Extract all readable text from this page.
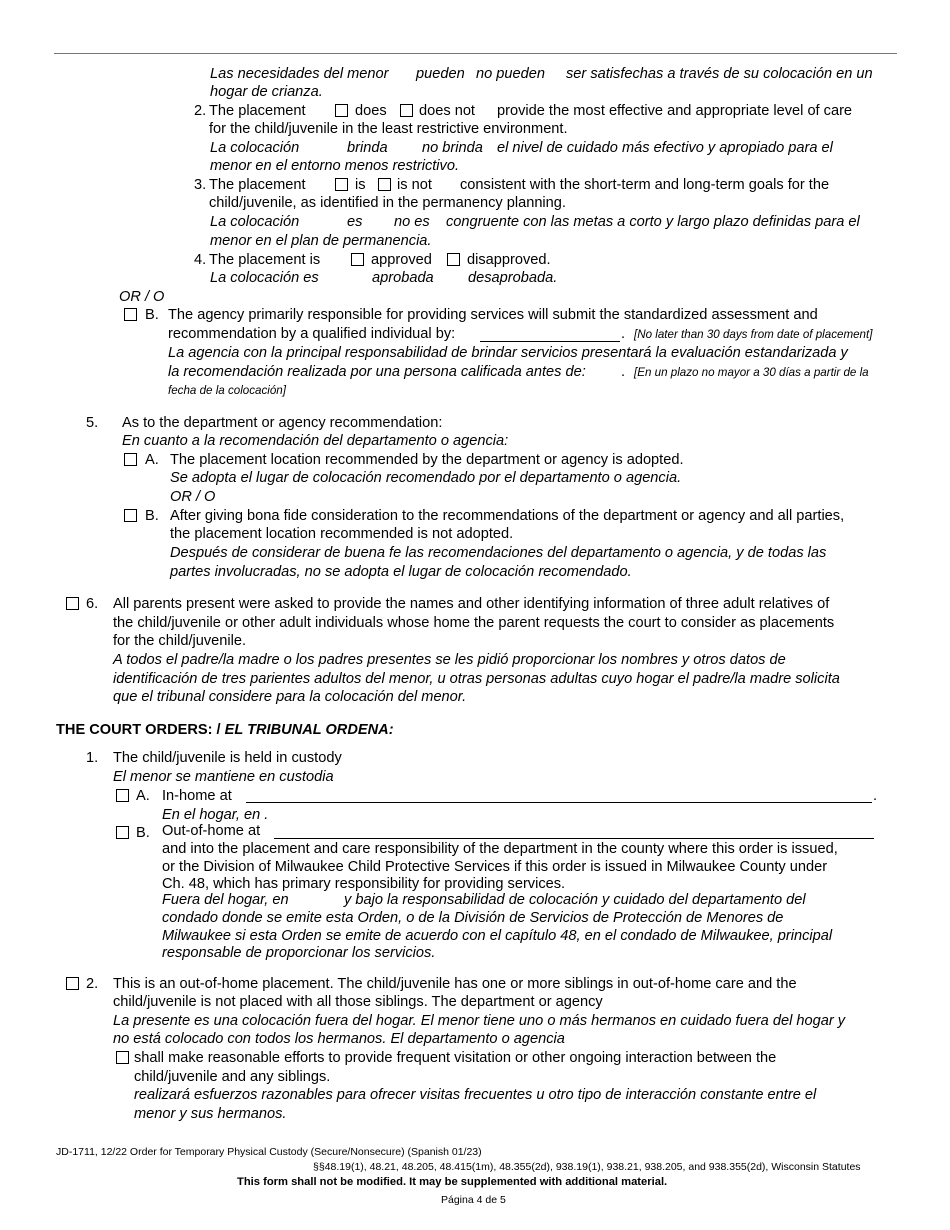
Las necesidades del menor pueden no pueden ser satisfechas a través de su colocación en un
hogar de crianza.
2. The placement	does does not provide the most effective and appropriate level of care
for the child/juvenile in the least restrictive environment.
La colocación	brinda no brinda el nivel de cuidado más efectivo y apropiado para el
menor en el entorno menos restrictivo.
3. The placement	is is not consistent with the short-term and long-term goals for the
child/juvenile, as identified in the permanency planning.
La colocación	es no es congruente con las metas a corto y largo plazo definidas para el
menor en el plan de permanencia.
4. The placement is	approved disapproved.
La colocación es	aprobada desaprobada.
OR / O
B. The agency primarily responsible for providing services will submit the standardized assessment and
recommendation by a qualified individual by:	. [No later than 30 days from date of placement]
La agencia con la principal responsabilidad de brindar servicios presentará la evaluación estandarizada y
la recomendación realizada por una persona calificada antes de: . [En un plazo no mayor a 30 días a partir de la
fecha de la colocación]
5. As to the department or agency recommendation:
En cuanto a la recomendación del departamento o agencia:
A. The placement location recommended by the department or agency is adopted.
Se adopta el lugar de colocación recomendado por el departamento o agencia.
OR / O
B. After giving bona fide consideration to the recommendations of the department or agency and all parties,
the placement location recommended is not adopted.
Después de considerar de buena fe las recomendaciones del departamento o agencia, y de todas las
partes involucradas, no se adopta el lugar de colocación recomendado.
6. All parents present were asked to provide the names and other identifying information of three adult relatives of
the child/juvenile or other adult individuals whose home the parent requests the court to consider as placements
for the child/juvenile.
A todos el padre/la madre o los padres presentes se les pidió proporcionar los nombres y otros datos de
identificación de tres parientes adultos del menor, u otras personas adultas cuyo hogar el padre/la madre solicita
que el tribunal considere para la colocación del menor.
THE COURT ORDERS: / EL TRIBUNAL ORDENA:
1. The child/juvenile is held in custody
El menor se mantiene en custodia
A. In-home at	.
En el hogar, en .
B. Out-of-home at
and into the placement and care responsibility of the department in the county where this order is issued,
or the Division of Milwaukee Child Protective Services if this order is issued in Milwaukee County under
Ch. 48, which has primary responsibility for providing services.
Fuera del hogar, en	y bajo la responsabilidad de colocación y cuidado del departamento del
condado donde se emite esta Orden, o de la División de Servicios de Protección de Menores de
Milwaukee si esta Orden se emite de acuerdo con el capítulo 48, en el condado de Milwaukee, principal
responsable de proporcionar los servicios.
2. This is an out-of-home placement. The child/juvenile has one or more siblings in out-of-home care and the
child/juvenile is not placed with all those siblings. The department or agency
La presente es una colocación fuera del hogar. El menor tiene uno o más hermanos en cuidado fuera del hogar y
no está colocado con todos los hermanos. El departamento o agencia
shall make reasonable efforts to provide frequent visitation or other ongoing interaction between the
child/juvenile and any siblings.
realizará esfuerzos razonables para ofrecer visitas frecuentes u otro tipo de interacción constante entre el
menor y sus hermanos.
JD-1711, 12/22 Order for Temporary Physical Custody (Secure/Nonsecure) (Spanish 01/23)
§§48.19(1), 48.21, 48.205, 48.415(1m), 48.355(2d), 938.19(1), 938.21, 938.205, and 938.355(2d), Wisconsin Statutes
This form shall not be modified. It may be supplemented with additional material.
Página 4 de 5
